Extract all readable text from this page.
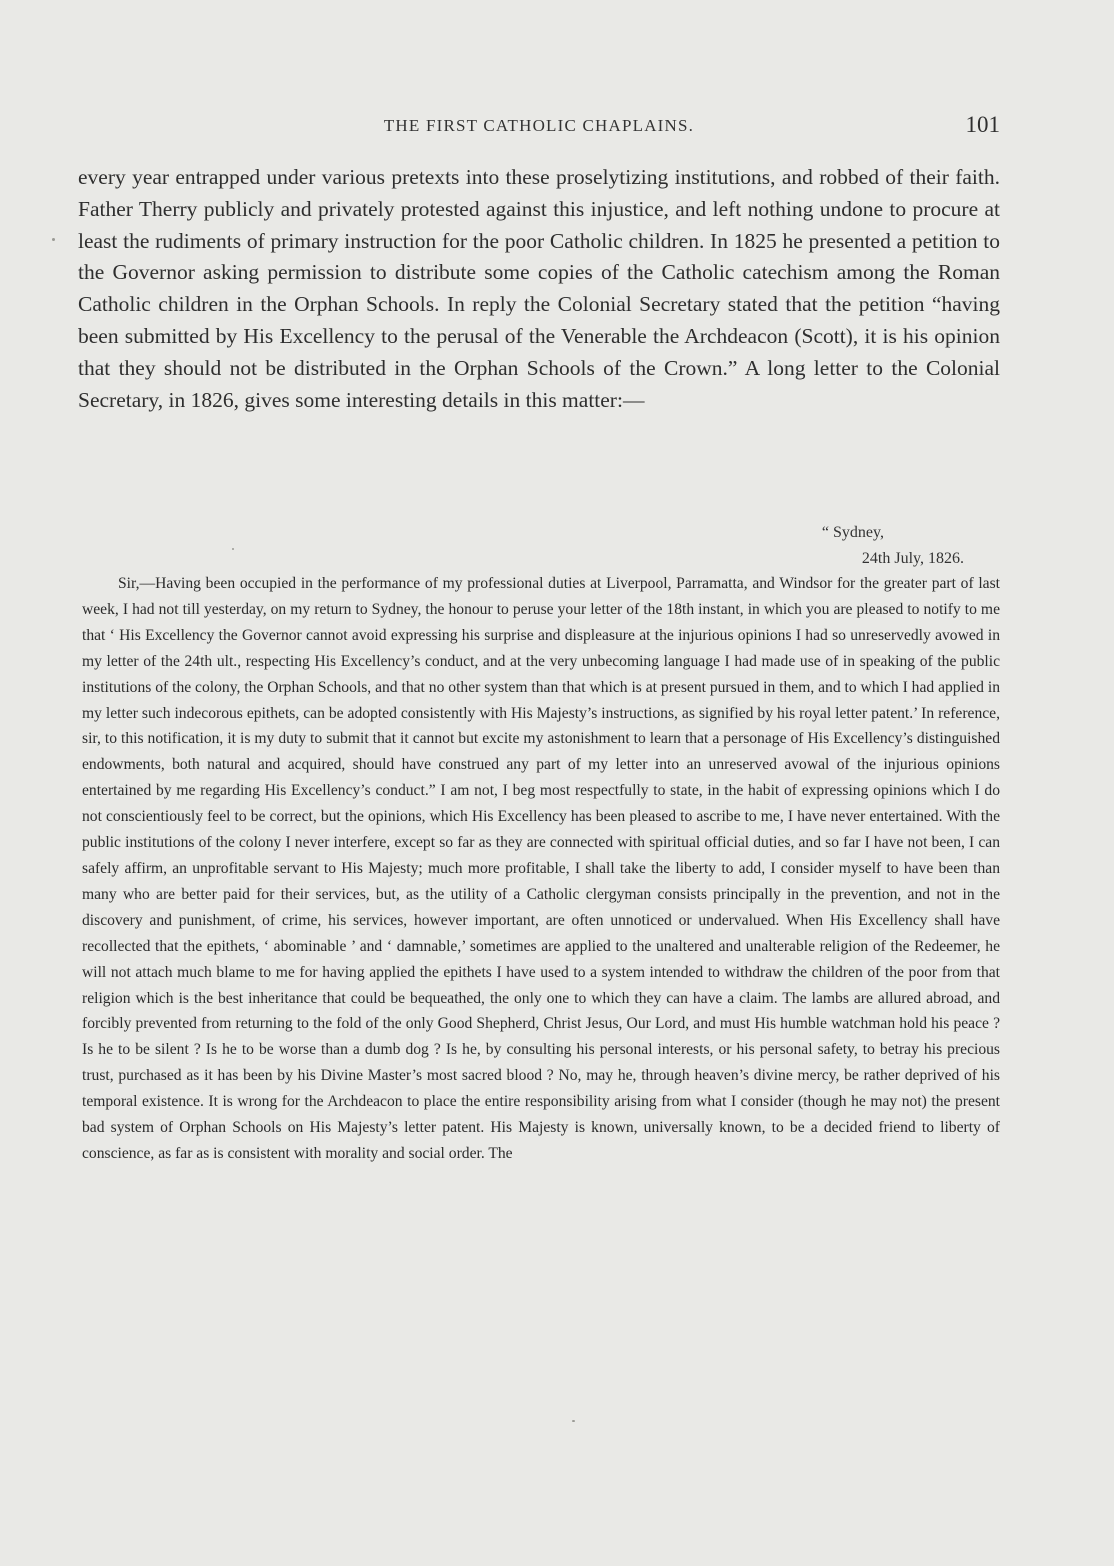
THE FIRST CATHOLIC CHAPLAINS.	101

every year entrapped under various pretexts into these proselytizing institutions, and robbed of their faith. Father Therry publicly and privately protested against this injustice, and left nothing undone to procure at least the rudiments of primary instruction for the poor Catholic children. In 1825 he presented a petition to the Governor asking permission to distribute some copies of the Catholic catechism among the Roman Catholic children in the Orphan Schools. In reply the Colonial Secretary stated that the petition “having been submitted by His Excellency to the perusal of the Venerable the Archdeacon (Scott), it is his opinion that they should not be distributed in the Orphan Schools of the Crown.” A long letter to the Colonial Secretary, in 1826, gives some interesting details in this matter:—

“ Sydney,
24th July, 1826.

Sir,—Having been occupied in the performance of my professional duties at Liverpool, Parramatta, and Windsor for the greater part of last week, I had not till yesterday, on my return to Sydney, the honour to peruse your letter of the 18th instant, in which you are pleased to notify to me that ‘ His Excellency the Governor cannot avoid expressing his surprise and displeasure at the injurious opinions I had so unreservedly avowed in my letter of the 24th ult., respecting His Excellency’s conduct, and at the very unbecoming language I had made use of in speaking of the public institutions of the colony, the Orphan Schools, and that no other system than that which is at present pursued in them, and to which I had applied in my letter such indecorous epithets, can be adopted consistently with His Majesty’s instructions, as signified by his royal letter patent.’ In reference, sir, to this notification, it is my duty to submit that it cannot but excite my astonishment to learn that a personage of His Excellency’s distinguished endowments, both natural and acquired, should have construed any part of my letter into an unreserved avowal of the injurious opinions entertained by me regarding His Excellency’s conduct.” I am not, I beg most respectfully to state, in the habit of expressing opinions which I do not conscientiously feel to be correct, but the opinions, which His Excellency has been pleased to ascribe to me, I have never entertained. With the public institutions of the colony I never interfere, except so far as they are connected with spiritual official duties, and so far I have not been, I can safely affirm, an unprofitable servant to His Majesty; much more profitable, I shall take the liberty to add, I consider myself to have been than many who are better paid for their services, but, as the utility of a Catholic clergyman consists principally in the prevention, and not in the discovery and punishment, of crime, his services, however important, are often unnoticed or undervalued. When His Excellency shall have recollected that the epithets, ‘ abominable ’ and ‘ damnable,’ sometimes are applied to the unaltered and unalterable religion of the Redeemer, he will not attach much blame to me for having applied the epithets I have used to a system intended to withdraw the children of the poor from that religion which is the best inheritance that could be bequeathed, the only one to which they can have a claim. The lambs are allured abroad, and forcibly prevented from returning to the fold of the only Good Shepherd, Christ Jesus, Our Lord, and must His humble watchman hold his peace ? Is he to be silent ? Is he to be worse than a dumb dog ? Is he, by consulting his personal interests, or his personal safety, to betray his precious trust, purchased as it has been by his Divine Master’s most sacred blood ? No, may he, through heaven’s divine mercy, be rather deprived of his temporal existence. It is wrong for the Archdeacon to place the entire responsibility arising from what I consider (though he may not) the present bad system of Orphan Schools on His Majesty’s letter patent. His Majesty is known, universally known, to be a decided friend to liberty of conscience, as far as is consistent with morality and social order. The
